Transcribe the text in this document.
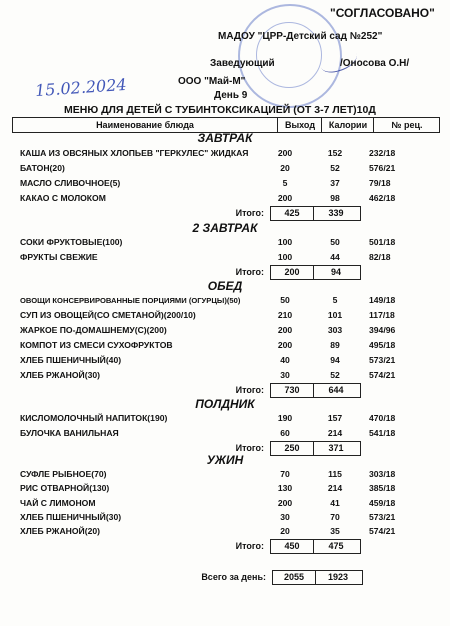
"СОГЛАСОВАНО"
МАДОУ "ЦРР-Детский сад №252"
Заведующий	/Оносова О.Н/
ООО "Май-М"
День 9
15.02.2024
МЕНЮ ДЛЯ ДЕТЕЙ С ТУБИНТОКСИКАЦИЕЙ (ОТ 3-7 ЛЕТ)10Д
Наименование блюда	Выход	Калории	№ рец.
ЗАВТРАК
КАША ИЗ ОВСЯНЫХ ХЛОПЬЕВ "ГЕРКУЛЕС" ЖИДКАЯ	200	152	232/18
БАТОН(20)	20	52	576/21
МАСЛО СЛИВОЧНОЕ(5)	5	37	79/18
КАКАО С МОЛОКОМ	200	98	462/18
Итого:	425	339
2 ЗАВТРАК
СОКИ ФРУКТОВЫЕ(100)	100	50	501/18
ФРУКТЫ СВЕЖИЕ	100	44	82/18
Итого:	200	94
ОБЕД
ОВОЩИ КОНСЕРВИРОВАННЫЕ ПОРЦИЯМИ (ОГУРЦЫ)(50)	50	5	149/18
СУП ИЗ ОВОЩЕЙ(СО СМЕТАНОЙ)(200/10)	210	101	117/18
ЖАРКОЕ ПО-ДОМАШНЕМУ(С)(200)	200	303	394/96
КОМПОТ ИЗ СМЕСИ СУХОФРУКТОВ	200	89	495/18
ХЛЕБ ПШЕНИЧНЫЙ(40)	40	94	573/21
ХЛЕБ РЖАНОЙ(30)	30	52	574/21
Итого:	730	644
ПОЛДНИК
КИСЛОМОЛОЧНЫЙ НАПИТОК(190)	190	157	470/18
БУЛОЧКА ВАНИЛЬНАЯ	60	214	541/18
Итого:	250	371
УЖИН
СУФЛЕ РЫБНОЕ(70)	70	115	303/18
РИС ОТВАРНОЙ(130)	130	214	385/18
ЧАЙ С ЛИМОНОМ	200	41	459/18
ХЛЕБ ПШЕНИЧНЫЙ(30)	30	70	573/21
ХЛЕБ РЖАНОЙ(20)	20	35	574/21
Итого:	450	475
Всего за день:	2055	1923
